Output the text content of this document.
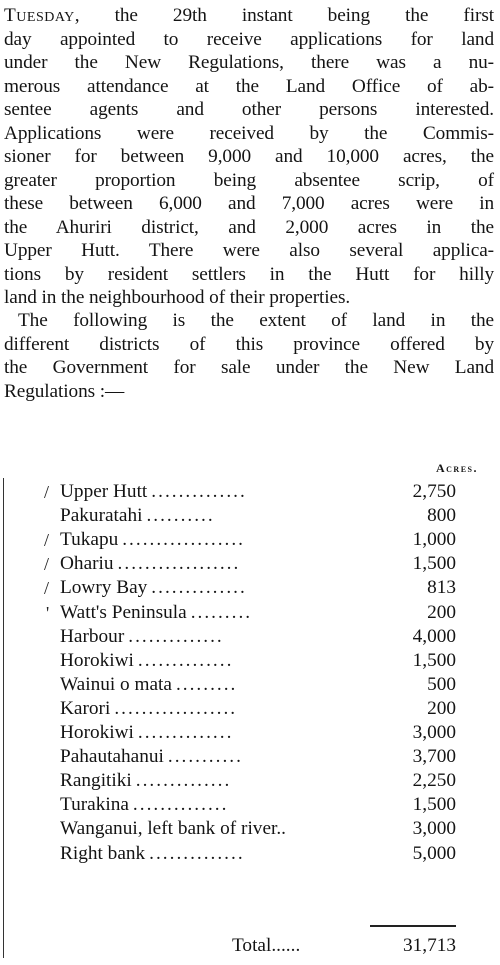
Tuesday, the 29th instant being the first
day appointed to receive applications for land
under the New Regulations, there was a nu-
merous attendance at the Land Office of ab-
sentee agents and other persons interested.
Applications were received by the Commis-
sioner for between 9,000 and 10,000 acres, the
greater proportion being absentee scrip, of
these between 6,000 and 7,000 acres were in
the Ahuriri district, and 2,000 acres in the
Upper Hutt. There were also several applica-
tions by resident settlers in the Hutt for hilly
land in the neighbourhood of their properties.
The following is the extent of land in the
different districts of this province offered by
the Government for sale under the New Land
Regulations :—
Acres.
/ Upper Hutt	2,750
..............
Pakuratahi	800
..........
/ Tukapu	1,000
..................
/ Ohariu	1,500
..................
/ Lowry Bay	813
..............
' Watt's Peninsula	200
.........
Harbour	4,000
..............
Horokiwi	1,500
..............
Wainui o mata	500
.........
Karori	200
..................
Horokiwi	3,000
..............
Pahautahanui	3,700
...........
Rangitiki	2,250
..............
Turakina	1,500
..............
Wanganui, left bank of river..	3,000
Right bank	5,000
..............
Total......	31,713
